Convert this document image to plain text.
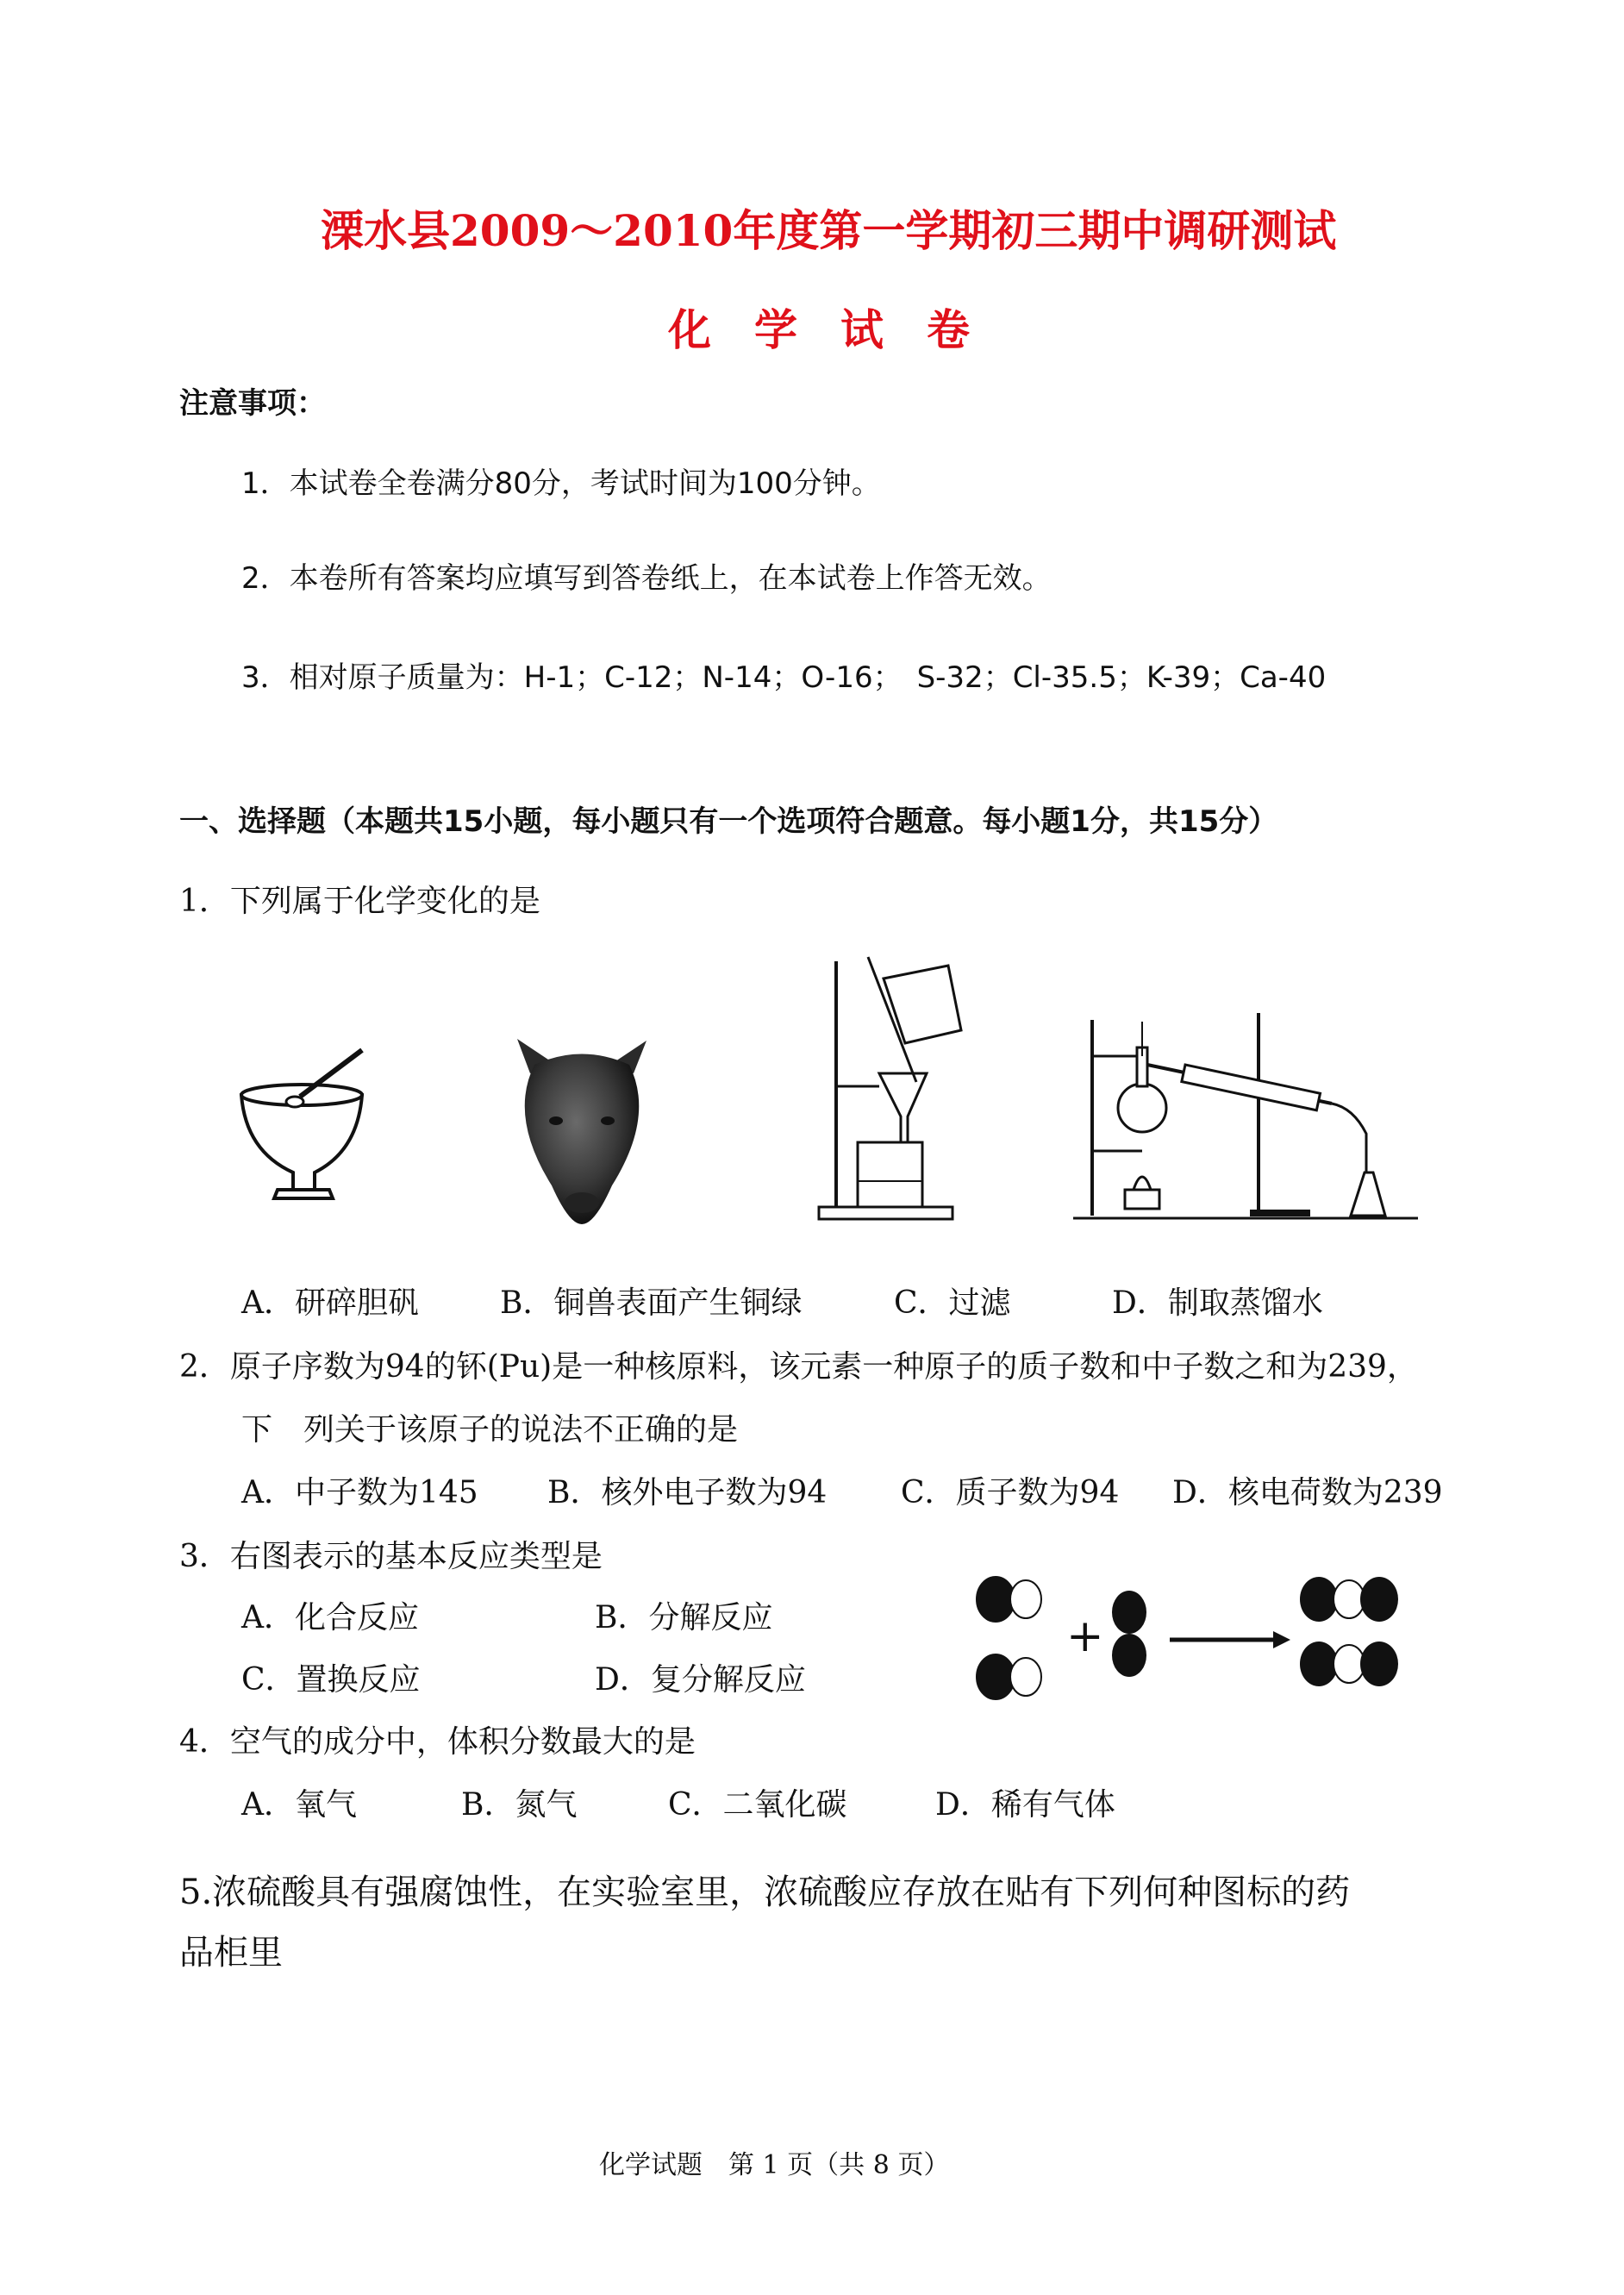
溧水县2009～2010年度第一学期初三期中调研测试
化　学　试　卷
注意事项：
1．本试卷全卷满分80分，考试时间为100分钟。
2．本卷所有答案均应填写到答卷纸上，在本试卷上作答无效。
3．相对原子质量为：H-1；C-12；N-14；O-16；　S-32；Cl-35.5；K-39；Ca-40
一、选择题（本题共15小题，每小题只有一个选项符合题意。每小题1分，共15分）
1．下列属于化学变化的是
A．研碎胆矾	B．铜兽表面产生铜绿	C．过滤	D．制取蒸馏水
2．原子序数为94的钚(Pu)是一种核原料，该元素一种原子的质子数和中子数之和为239，
下　列关于该原子的说法不正确的是
A．中子数为145 B．核外电子数为94 C．质子数为94 D．核电荷数为239
3．右图表示的基本反应类型是
A．化合反应	B．分解反应
C．置换反应	D．复分解反应
+
4．空气的成分中，体积分数最大的是
A．氧气	B．氮气	C．二氧化碳	D．稀有气体
5.浓硫酸具有强腐蚀性，在实验室里，浓硫酸应存放在贴有下列何种图标的药
品柜里
化学试题　第 1 页（共 8 页）
